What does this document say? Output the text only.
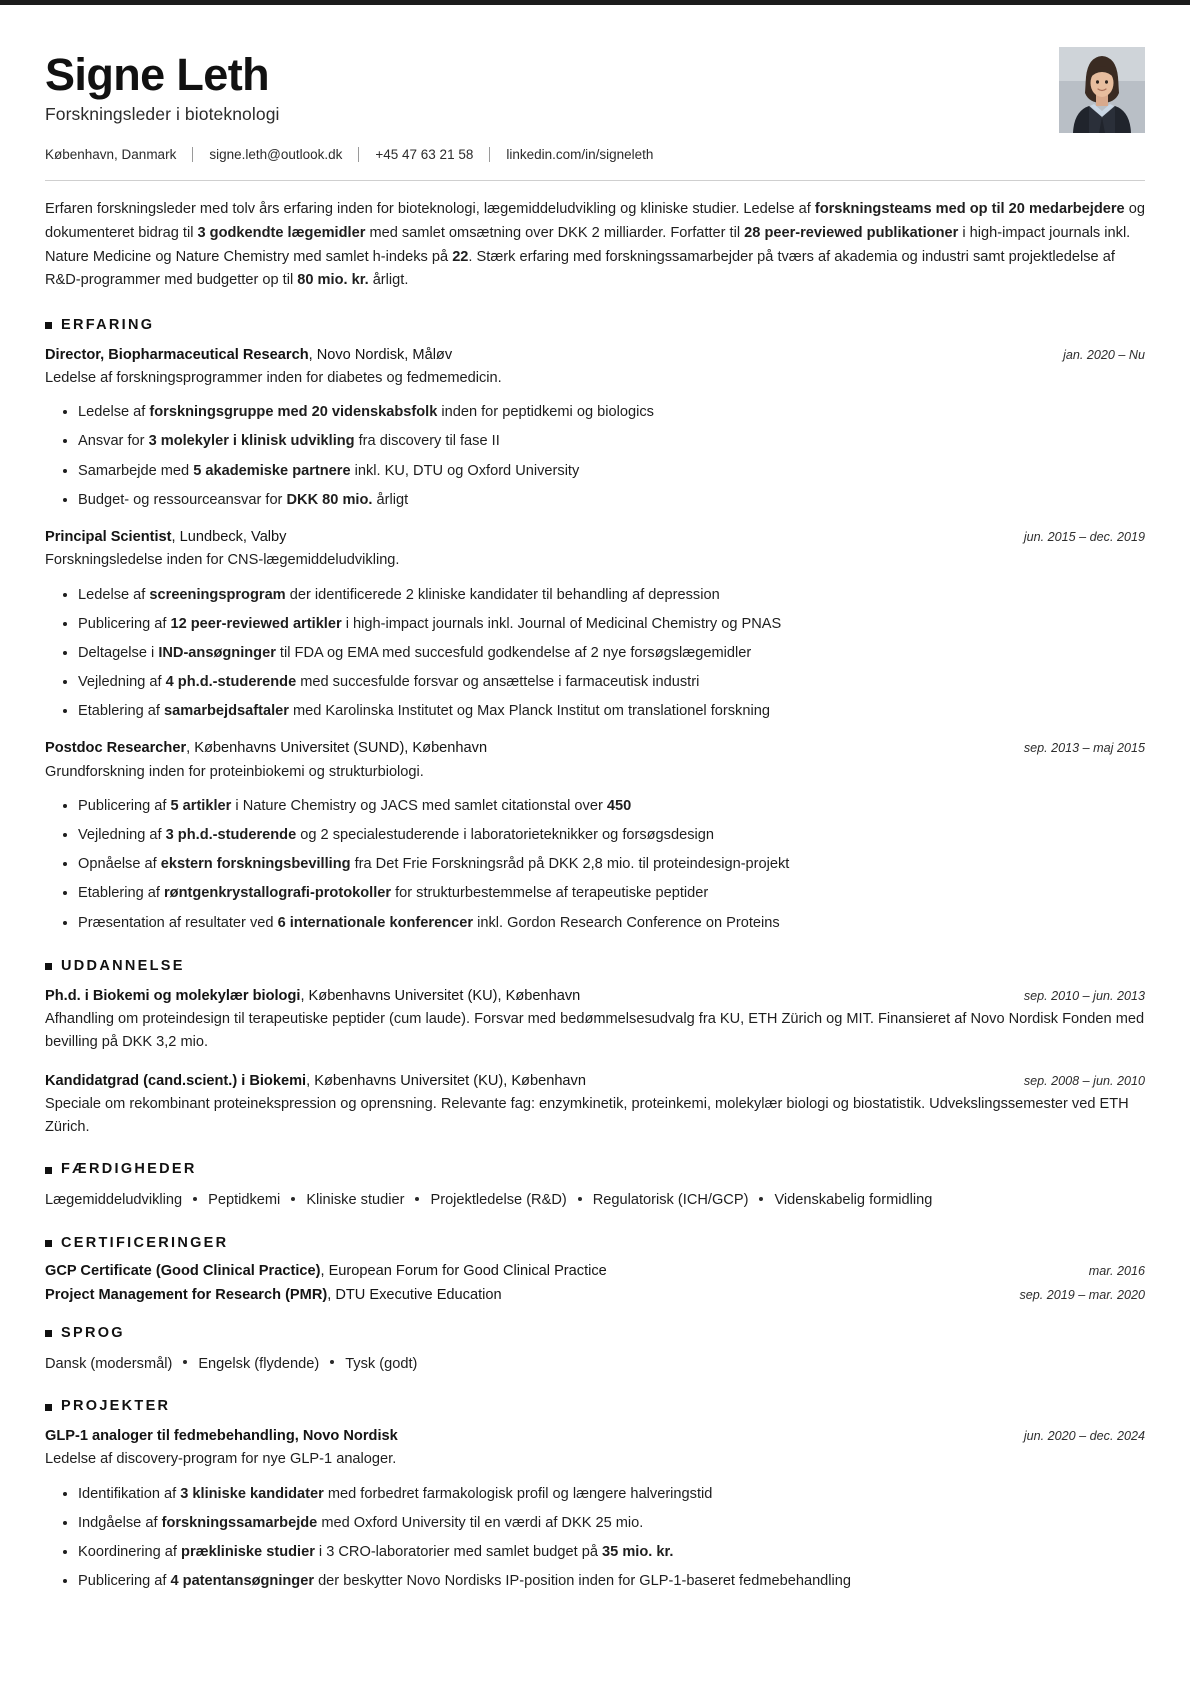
Signe Leth
Forskningsleder i bioteknologi
København, Danmark signe.leth@outlook.dk +45 47 63 21 58 linkedin.com/in/signeleth

Erfaren forskningsleder med tolv års erfaring inden for bioteknologi, lægemiddeludvikling og kliniske studier. Ledelse af forskningsteams med op til 20 medarbejdere og dokumenteret bidrag til 3 godkendte lægemidler med samlet omsætning over DKK 2 milliarder. Forfatter til 28 peer-reviewed publikationer i high-impact journals inkl. Nature Medicine og Nature Chemistry med samlet h-indeks på 22. Stærk erfaring med forskningssamarbejder på tværs af akademia og industri samt projektledelse af R&D-programmer med budgetter op til 80 mio. kr. årligt.

ERFARING
Director, Biopharmaceutical Research, Novo Nordisk, Måløv	jan. 2020 – Nu
Ledelse af forskningsprogrammer inden for diabetes og fedmemedicin.
Ledelse af forskningsgruppe med 20 videnskabsfolk inden for peptidkemi og biologics
Ansvar for 3 molekyler i klinisk udvikling fra discovery til fase II
Samarbejde med 5 akademiske partnere inkl. KU, DTU og Oxford University
Budget- og ressourceansvar for DKK 80 mio. årligt
Principal Scientist, Lundbeck, Valby	jun. 2015 – dec. 2019
Forskningsledelse inden for CNS-lægemiddeludvikling.
Ledelse af screeningsprogram der identificerede 2 kliniske kandidater til behandling af depression
Publicering af 12 peer-reviewed artikler i high-impact journals inkl. Journal of Medicinal Chemistry og PNAS
Deltagelse i IND-ansøgninger til FDA og EMA med succesfuld godkendelse af 2 nye forsøgslægemidler
Vejledning af 4 ph.d.-studerende med succesfulde forsvar og ansættelse i farmaceutisk industri
Etablering af samarbejdsaftaler med Karolinska Institutet og Max Planck Institut om translationel forskning
Postdoc Researcher, Københavns Universitet (SUND), København	sep. 2013 – maj 2015
Grundforskning inden for proteinbiokemi og strukturbiologi.
Publicering af 5 artikler i Nature Chemistry og JACS med samlet citationstal over 450
Vejledning af 3 ph.d.-studerende og 2 specialestuderende i laboratorieteknikker og forsøgsdesign
Opnåelse af ekstern forskningsbevilling fra Det Frie Forskningsråd på DKK 2,8 mio. til proteindesign-projekt
Etablering af røntgenkrystallografi-protokoller for strukturbestemmelse af terapeutiske peptider
Præsentation af resultater ved 6 internationale konferencer inkl. Gordon Research Conference on Proteins
UDDANNELSE
Ph.d. i Biokemi og molekylær biologi, Københavns Universitet (KU), København	sep. 2010 – jun. 2013
Afhandling om proteindesign til terapeutiske peptider (cum laude). Forsvar med bedømmelsesudvalg fra KU, ETH Zürich og MIT. Finansieret af Novo Nordisk Fonden med bevilling på DKK 3,2 mio.
Kandidatgrad (cand.scient.) i Biokemi, Københavns Universitet (KU), København	sep. 2008 – jun. 2010
Speciale om rekombinant proteinekspression og oprensning. Relevante fag: enzymkinetik, proteinkemi, molekylær biologi og biostatistik. Udvekslingssemester ved ETH Zürich.
FÆRDIGHEDER
Lægemiddeludvikling Peptidkemi Kliniske studier Projektledelse (R&D) Regulatorisk (ICH/GCP) Videnskabelig formidling
CERTIFICERINGER
GCP Certificate (Good Clinical Practice), European Forum for Good Clinical Practice	mar. 2016
Project Management for Research (PMR), DTU Executive Education	sep. 2019 – mar. 2020
SPROG
Dansk (modersmål) Engelsk (flydende) Tysk (godt)
PROJEKTER
GLP-1 analoger til fedmebehandling, Novo Nordisk	jun. 2020 – dec. 2024
Ledelse af discovery-program for nye GLP-1 analoger.
Identifikation af 3 kliniske kandidater med forbedret farmakologisk profil og længere halveringstid
Indgåelse af forskningssamarbejde med Oxford University til en værdi af DKK 25 mio.
Koordinering af prækliniske studier i 3 CRO-laboratorier med samlet budget på 35 mio. kr.
Publicering af 4 patentansøgninger der beskytter Novo Nordisks IP-position inden for GLP-1-baseret fedmebehandling
